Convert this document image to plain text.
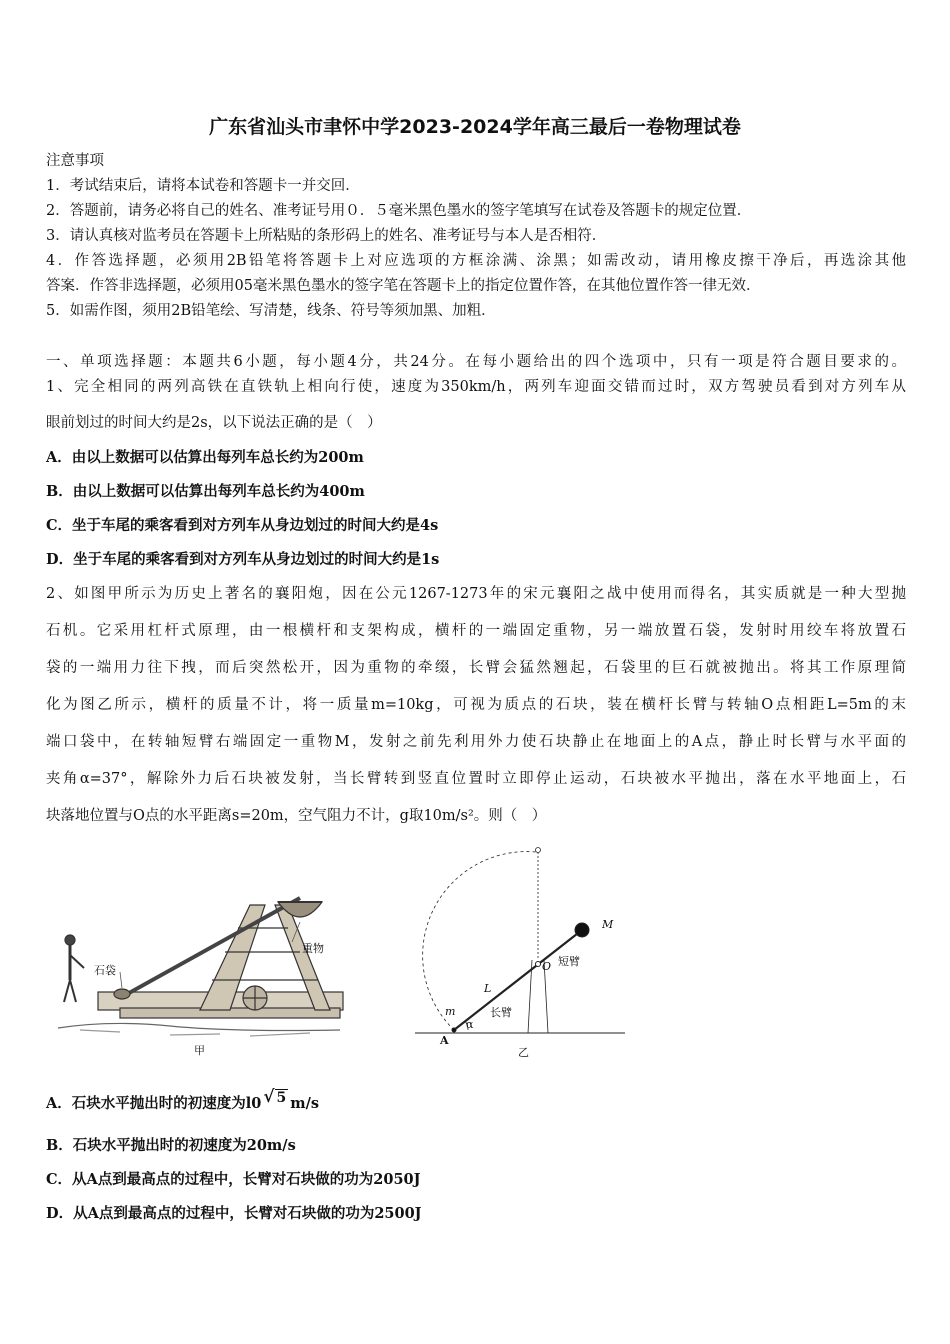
广东省汕头市聿怀中学2023-2024学年高三最后一卷物理试卷
注意事项
1．考试结束后，请将本试卷和答题卡一并交回．
2．答题前，请务必将自己的姓名、准考证号用０．５毫米黑色墨水的签字笔填写在试卷及答题卡的规定位置．
3．请认真核对监考员在答题卡上所粘贴的条形码上的姓名、准考证号与本人是否相符．
4．作答选择题，必须用2B铅笔将答题卡上对应选项的方框涂满、涂黑；如需改动，请用橡皮擦干净后，再选涂其他
答案．作答非选择题，必须用05毫米黑色墨水的签字笔在答题卡上的指定位置作答，在其他位置作答一律无效．
5．如需作图，须用2B铅笔绘、写清楚，线条、符号等须加黑、加粗．
一、单项选择题：本题共6小题，每小题4分，共24分。在每小题给出的四个选项中，只有一项是符合题目要求的。
1、完全相同的两列高铁在直铁轨上相向行使，速度为350km/h，两列车迎面交错而过时，双方驾驶员看到对方列车从
眼前划过的时间大约是2s，以下说法正确的是（　）
A．由以上数据可以估算出每列车总长约为200m
B．由以上数据可以估算出每列车总长约为400m
C．坐于车尾的乘客看到对方列车从身边划过的时间大约是4s
D．坐于车尾的乘客看到对方列车从身边划过的时间大约是1s
2、如图甲所示为历史上著名的襄阳炮，因在公元1267-1273年的宋元襄阳之战中使用而得名，其实质就是一种大型抛
石机。它采用杠杆式原理，由一根横杆和支架构成，横杆的一端固定重物，另一端放置石袋，发射时用绞车将放置石
袋的一端用力往下拽，而后突然松开，因为重物的牵缀，长臂会猛然翘起，石袋里的巨石就被抛出。将其工作原理简
化为图乙所示，横杆的质量不计，将一质量m=10kg，可视为质点的石块，装在横杆长臂与转轴O点相距L=5m的末
端口袋中，在转轴短臂右端固定一重物M，发射之前先利用外力使石块静止在地面上的A点，静止时长臂与水平面的
夹角α=37°，解除外力后石块被发射，当长臂转到竖直位置时立即停止运动，石块被水平抛出，落在水平地面上，石
块落地位置与O点的水平距离s=20m，空气阻力不计，g取10m/s²。则（　）
石袋
重物
甲
M
O 短臂
L
长臂
m
α
A
乙
A．石块水平抛出时的初速度为l0 √ 5 m/s
B．石块水平抛出时的初速度为20m/s
C．从A点到最高点的过程中，长臂对石块做的功为2050J
D．从A点到最高点的过程中，长臂对石块做的功为2500J
